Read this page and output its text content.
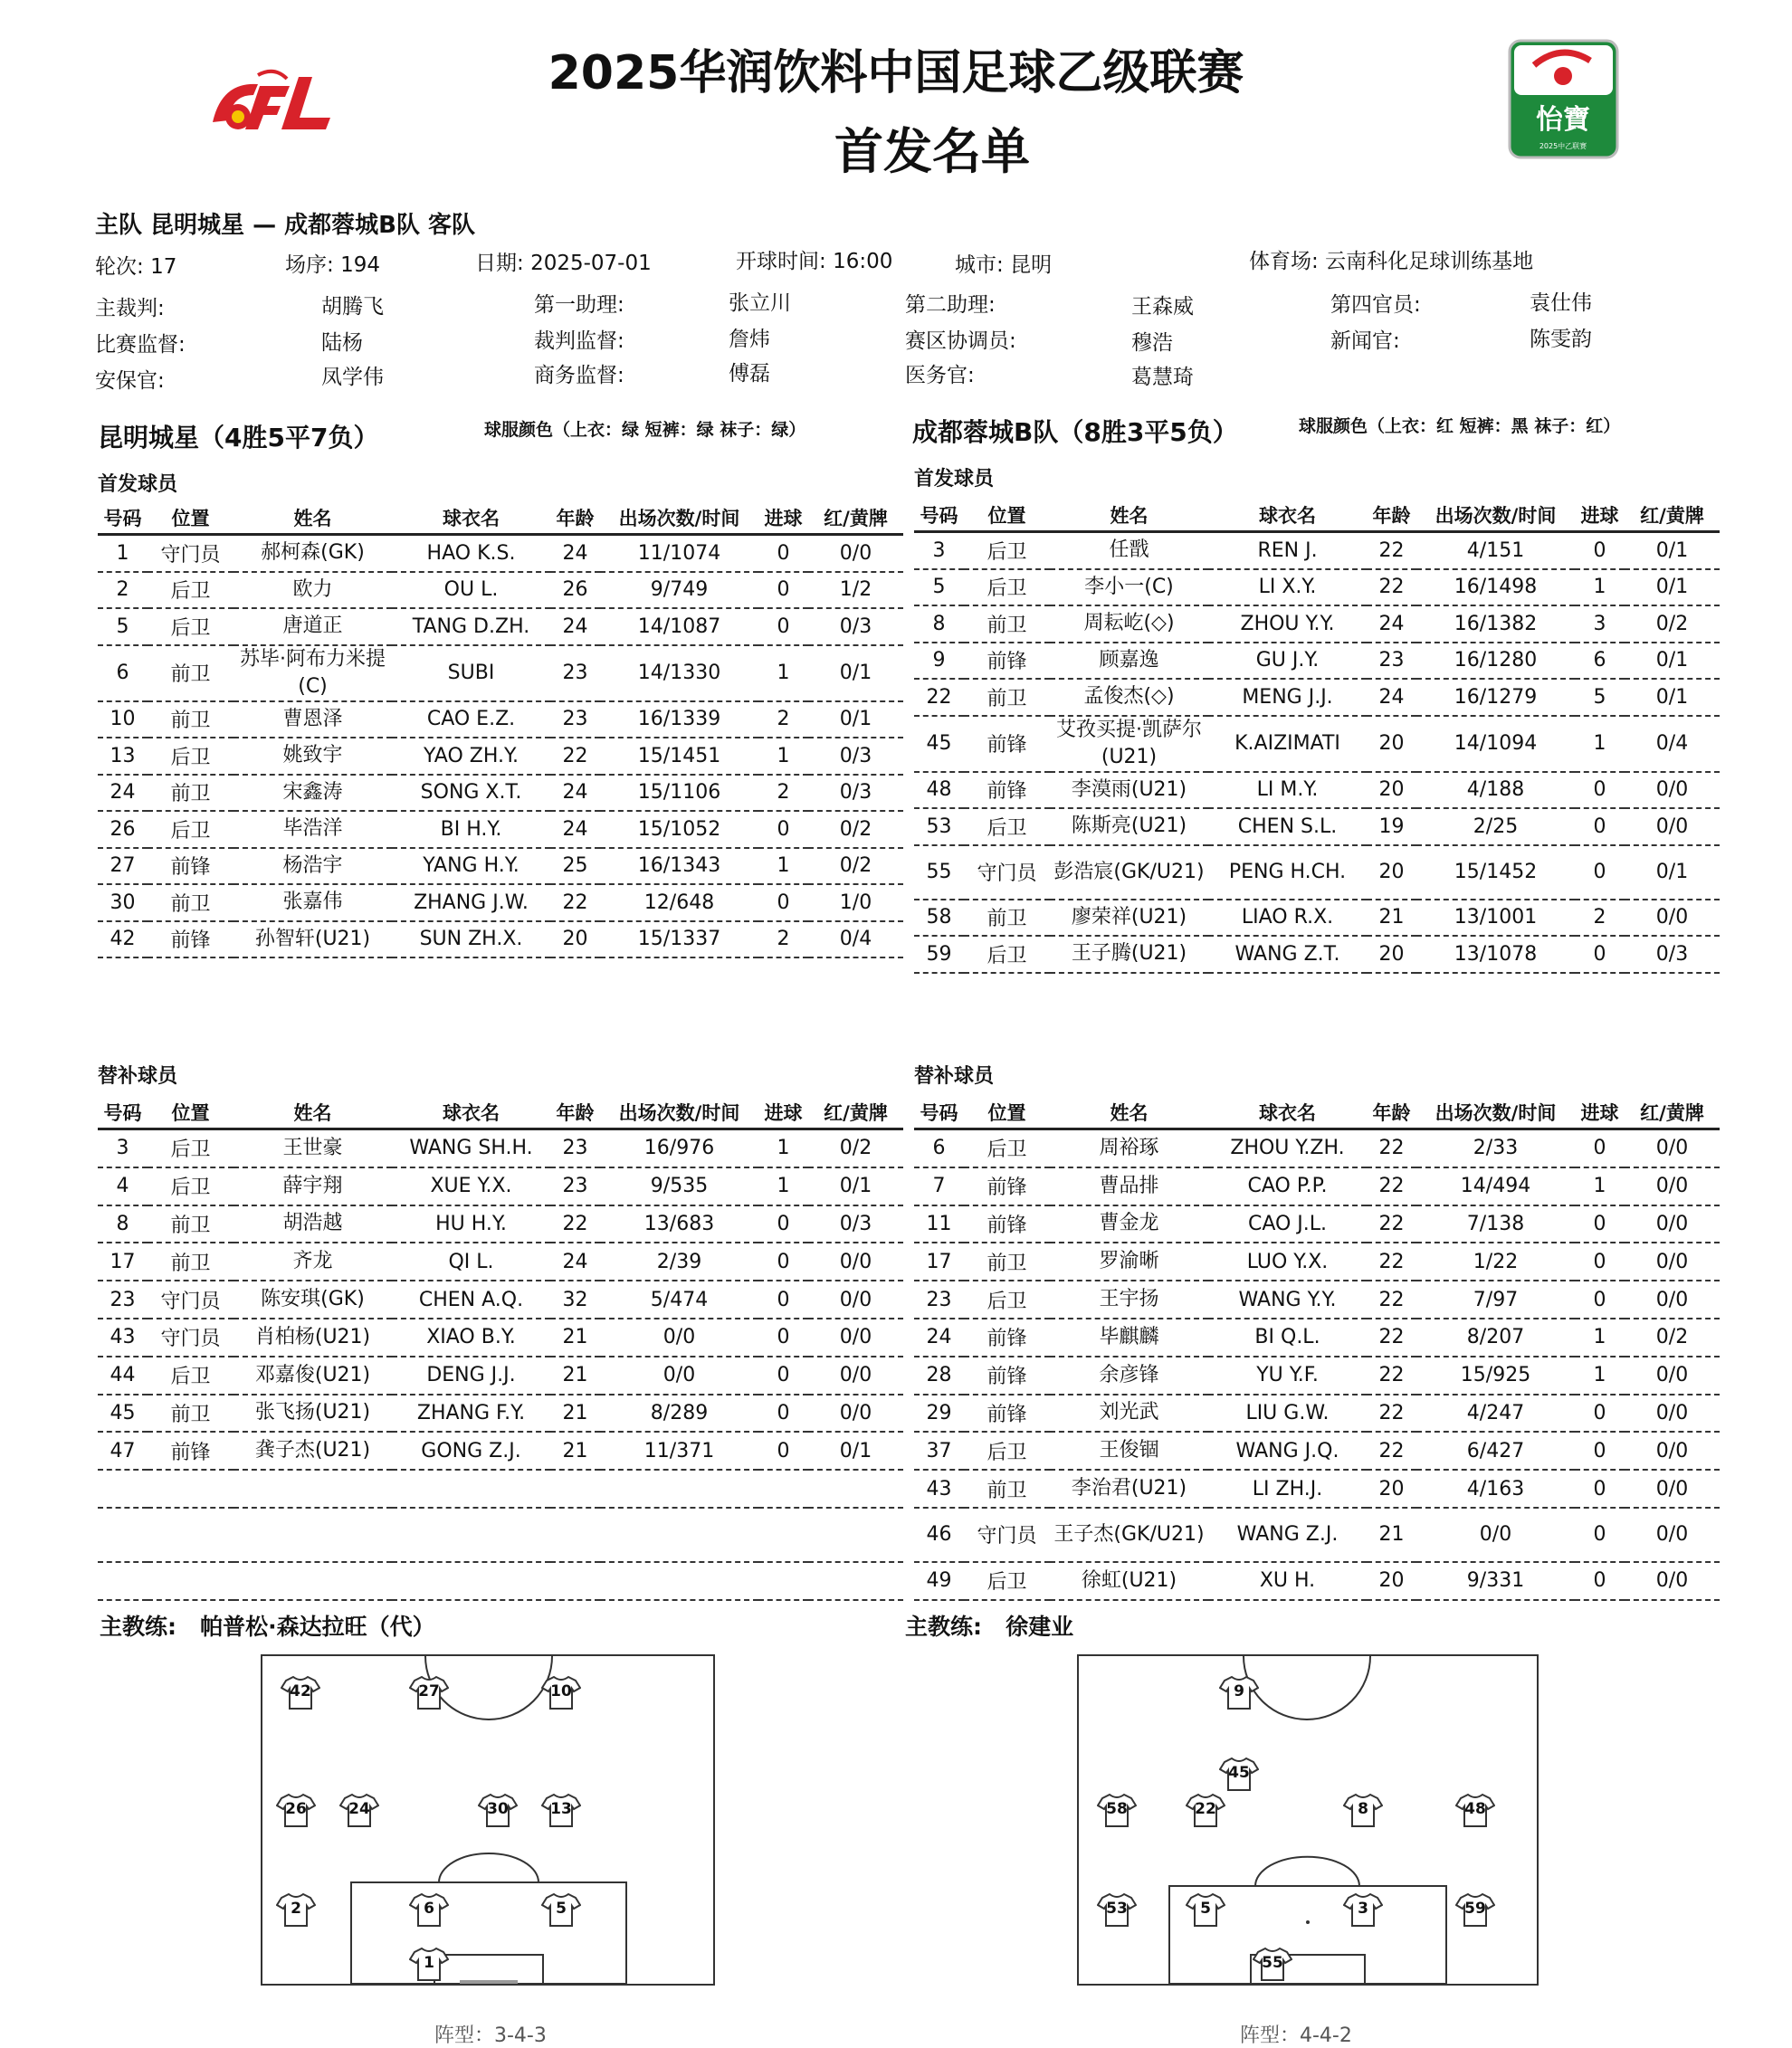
怡寶
2025中乙联赛
2025华润饮料中国足球乙级联赛
首发名单
主队 昆明城星 — 成都蓉城B队 客队
轮次: 17	场序: 194	日期: 2025-07-01	开球时间: 16:00	城市: 昆明	体育场: 云南科化足球训练基地
主裁判:	胡腾飞	第一助理:	张立川	第二助理:	王森威	第四官员:	袁仕伟
比赛监督:	陆杨	裁判监督:	詹炜	赛区协调员:	穆浩	新闻官:	陈雯韵
安保官:	凤学伟	商务监督:	傅磊	医务官:	葛慧琦
昆明城星（4胜5平7负）	球服颜色（上衣：绿 短裤：绿 袜子：绿）	成都蓉城B队（8胜3平5负）	球服颜色（上衣：红 短裤：黑 袜子：红）
首发球员	首发球员
号码	位置	姓名	球衣名	年龄	出场次数/时间	进球	红/黄牌
1	守门员	郝柯森(GK)	HAO K.S.	24	11/1074	0	0/0
2	后卫	欧力	OU L.	26	9/749	0	1/2
5	后卫	唐道正	TANG D.ZH.	24	14/1087	0	0/3
6	前卫	苏毕·阿布力米提(C)	SUBI	23	14/1330	1	0/1
10	前卫	曹恩泽	CAO E.Z.	23	16/1339	2	0/1
13	后卫	姚致宇	YAO ZH.Y.	22	15/1451	1	0/3
24	前卫	宋鑫涛	SONG X.T.	24	15/1106	2	0/3
26	后卫	毕浩洋	BI H.Y.	24	15/1052	0	0/2
27	前锋	杨浩宇	YANG H.Y.	25	16/1343	1	0/2
30	前卫	张嘉伟	ZHANG J.W.	22	12/648	0	1/0
42	前锋	孙智轩(U21)	SUN ZH.X.	20	15/1337	2	0/4
号码	位置	姓名	球衣名	年龄	出场次数/时间	进球	红/黄牌
3	后卫	任戬	REN J.	22	4/151	0	0/1
5	后卫	李小一(C)	LI X.Y.	22	16/1498	1	0/1
8	前卫	周耘屹(◇)	ZHOU Y.Y.	24	16/1382	3	0/2
9	前锋	顾嘉逸	GU J.Y.	23	16/1280	6	0/1
22	前卫	孟俊杰(◇)	MENG J.J.	24	16/1279	5	0/1
45	前锋	艾孜买提·凯萨尔(U21)	K.AIZIMATI	20	14/1094	1	0/4
48	前锋	李漠雨(U21)	LI M.Y.	20	4/188	0	0/0
53	后卫	陈斯亮(U21)	CHEN S.L.	19	2/25	0	0/0
55	守门员	彭浩宸(GK/U21)	PENG H.CH.	20	15/1452	0	0/1
58	前卫	廖荣祥(U21)	LIAO R.X.	21	13/1001	2	0/0
59	后卫	王子腾(U21)	WANG Z.T.	20	13/1078	0	0/3
替补球员	替补球员
号码	位置	姓名	球衣名	年龄	出场次数/时间	进球	红/黄牌
3	后卫	王世豪	WANG SH.H.	23	16/976	1	0/2
4	后卫	薛宇翔	XUE Y.X.	23	9/535	1	0/1
8	前卫	胡浩越	HU H.Y.	22	13/683	0	0/3
17	前卫	齐龙	QI L.	24	2/39	0	0/0
23	守门员	陈安琪(GK)	CHEN A.Q.	32	5/474	0	0/0
43	守门员	肖柏杨(U21)	XIAO B.Y.	21	0/0	0	0/0
44	后卫	邓嘉俊(U21)	DENG J.J.	21	0/0	0	0/0
45	前卫	张飞扬(U21)	ZHANG F.Y.	21	8/289	0	0/0
47	前锋	龚子杰(U21)	GONG Z.J.	21	11/371	0	0/1

号码	位置	姓名	球衣名	年龄	出场次数/时间	进球	红/黄牌
6	后卫	周裕琢	ZHOU Y.ZH.	22	2/33	0	0/0
7	前锋	曹品排	CAO P.P.	22	14/494	1	0/0
11	前锋	曹金龙	CAO J.L.	22	7/138	0	0/0
17	前卫	罗渝晰	LUO Y.X.	22	1/22	0	0/0
23	后卫	王宇扬	WANG Y.Y.	22	7/97	0	0/0
24	前锋	毕麒麟	BI Q.L.	22	8/207	1	0/2
28	前锋	余彦锋	YU Y.F.	22	15/925	1	0/0
29	前锋	刘光武	LIU G.W.	22	4/247	0	0/0
37	后卫	王俊锢	WANG J.Q.	22	6/427	0	0/0
43	前卫	李治君(U21)	LI ZH.J.	20	4/163	0	0/0
46	守门员	王子杰(GK/U21)	WANG Z.J.	21	0/0	0	0/0
49	后卫	徐虹(U21)	XU H.	20	9/331	0	0/0
主教练: 帕普松·森达拉旺（代）	主教练: 徐建业
42	27	10
26	24	30	13
2	6	5
1
9
45
58	22	8	48
53	5	3	59
55
阵型：3-4-3	阵型：4-4-2
